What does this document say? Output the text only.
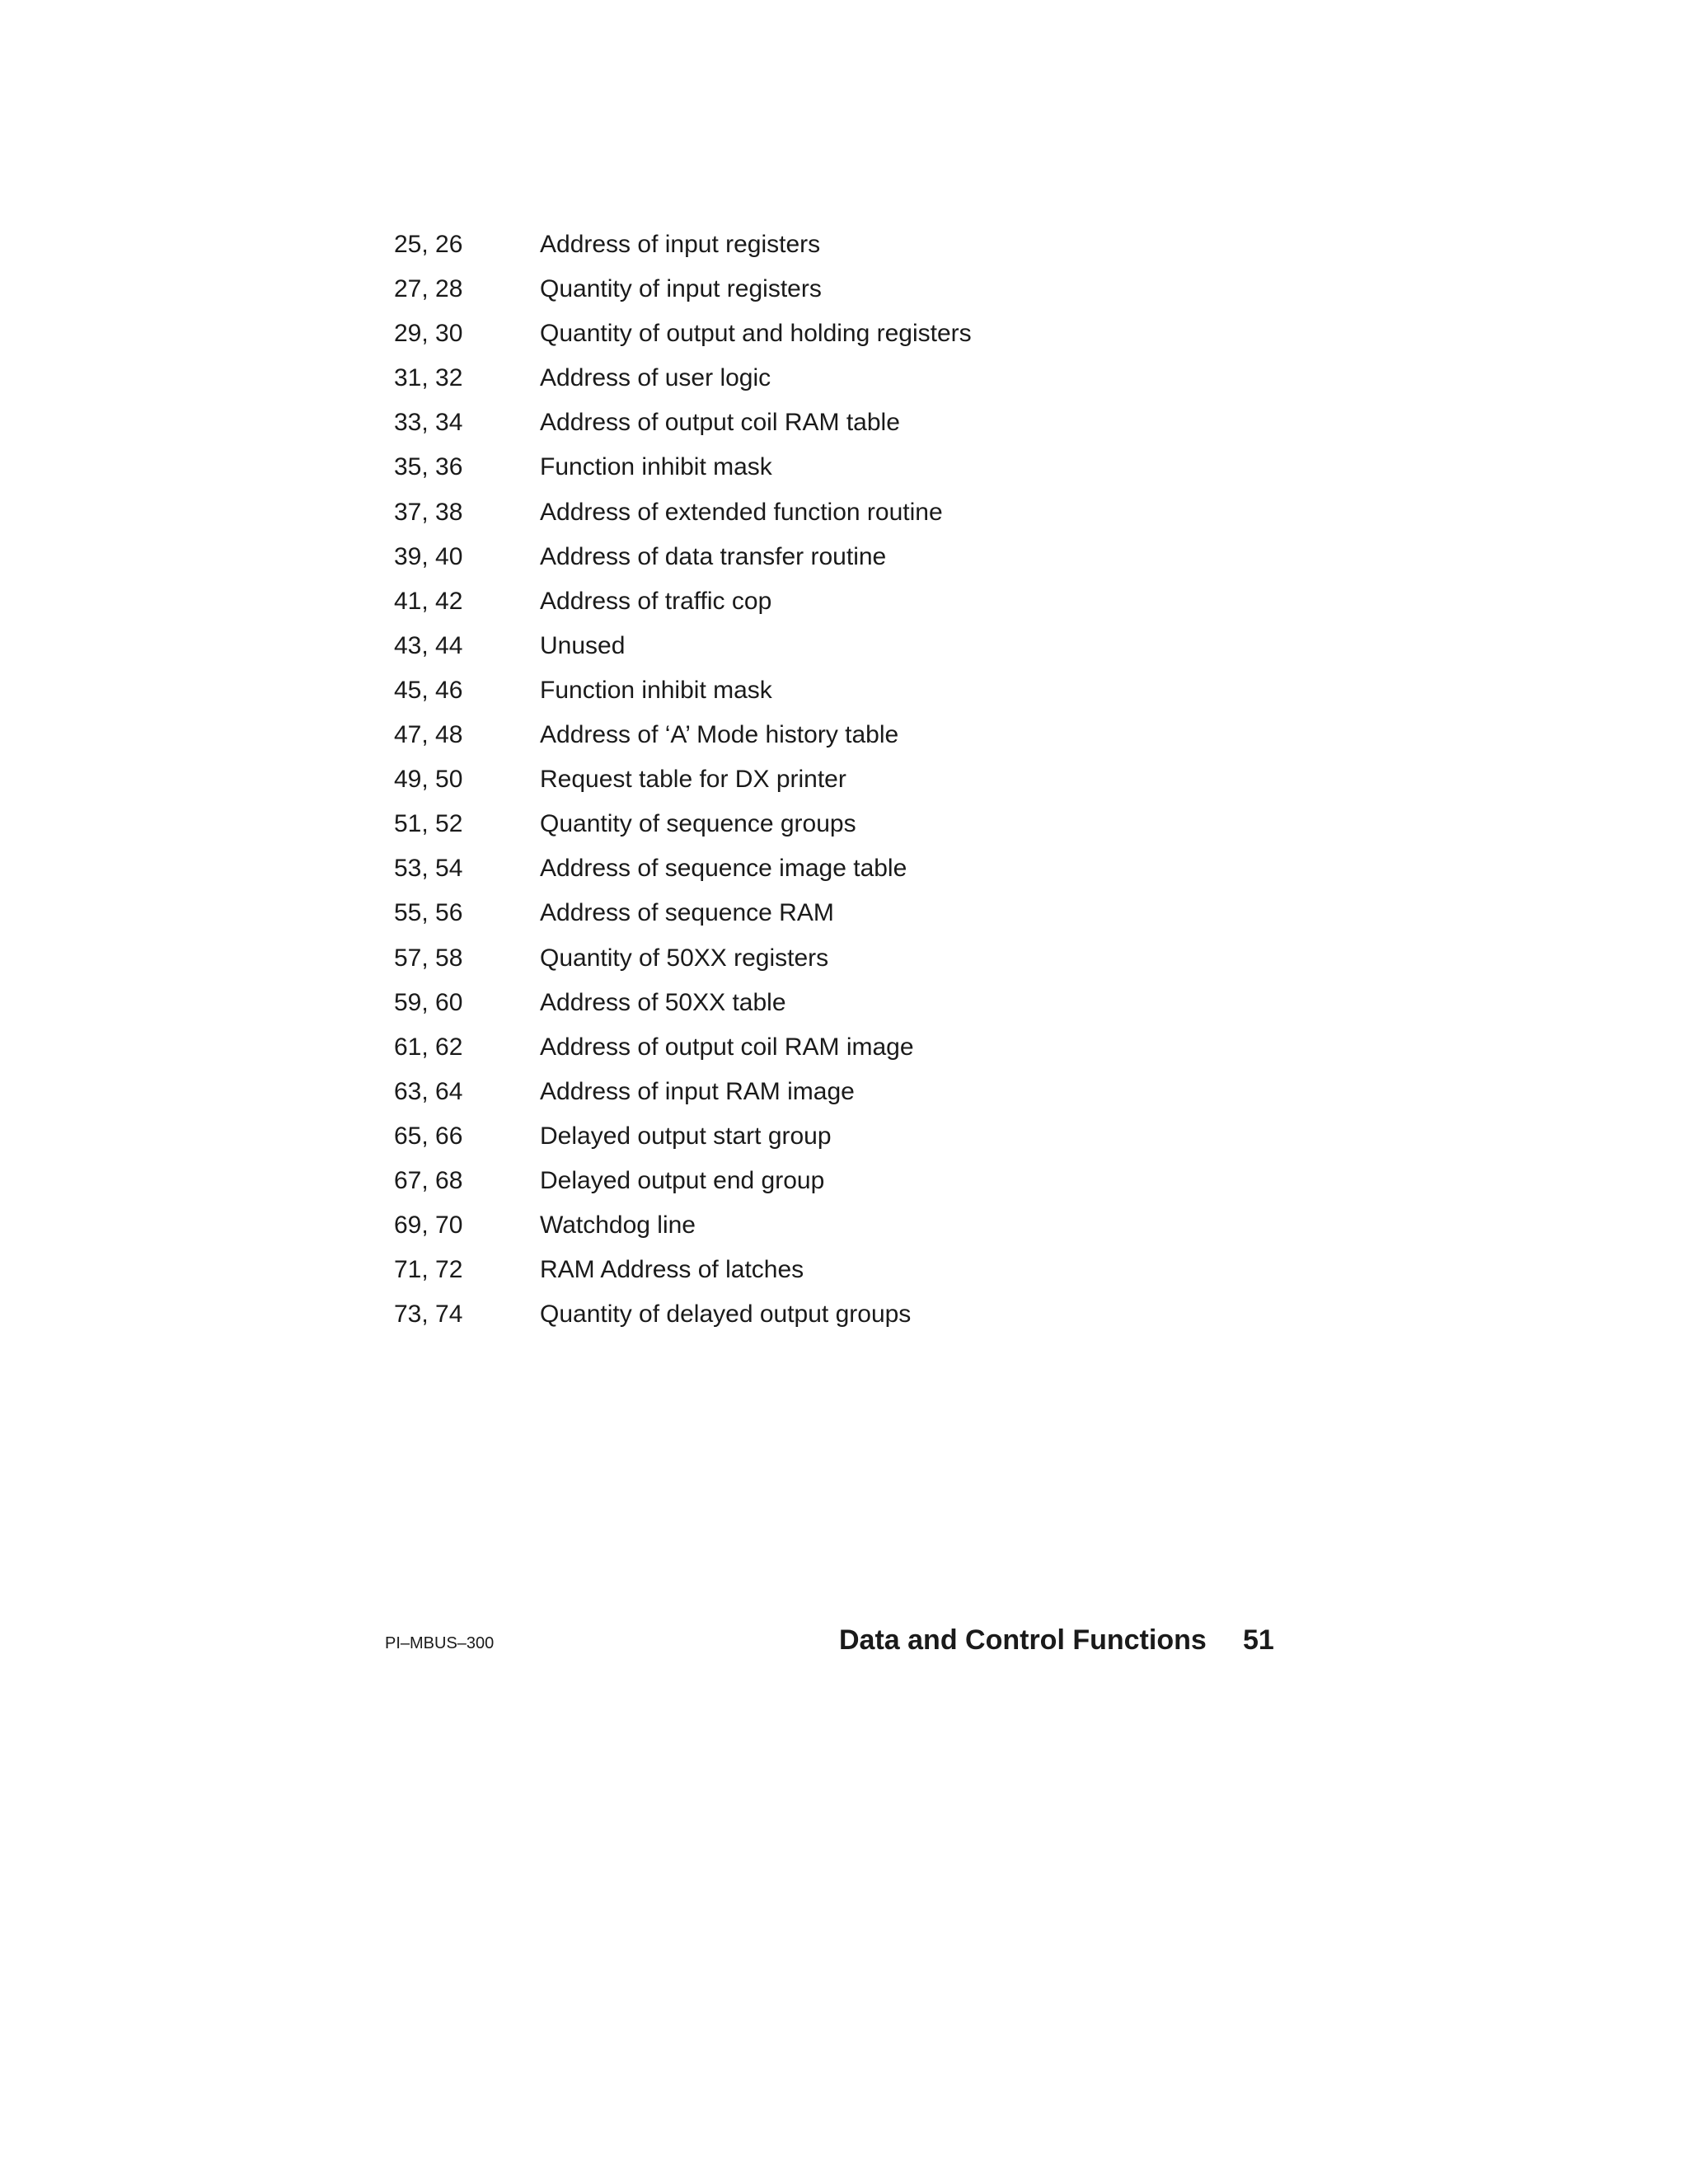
25, 26	Address of input registers
27, 28	Quantity of input registers
29, 30	Quantity of output and holding registers
31, 32	Address of user logic
33, 34	Address of output coil RAM table
35, 36	Function inhibit mask
37, 38	Address of extended function routine
39, 40	Address of data transfer routine
41, 42	Address of traffic cop
43, 44	Unused
45, 46	Function inhibit mask
47, 48	Address of ‘A’ Mode history table
49, 50	Request table for DX printer
51, 52	Quantity of sequence groups
53, 54	Address of sequence image table
55, 56	Address of sequence RAM
57, 58	Quantity of 50XX registers
59, 60	Address of 50XX table
61, 62	Address of output coil RAM image
63, 64	Address of input RAM image
65, 66	Delayed output start group
67, 68	Delayed output end group
69, 70	Watchdog line
71, 72	RAM Address of latches
73, 74	Quantity of delayed output groups
PI–MBUS–300	Data and Control Functions 51
